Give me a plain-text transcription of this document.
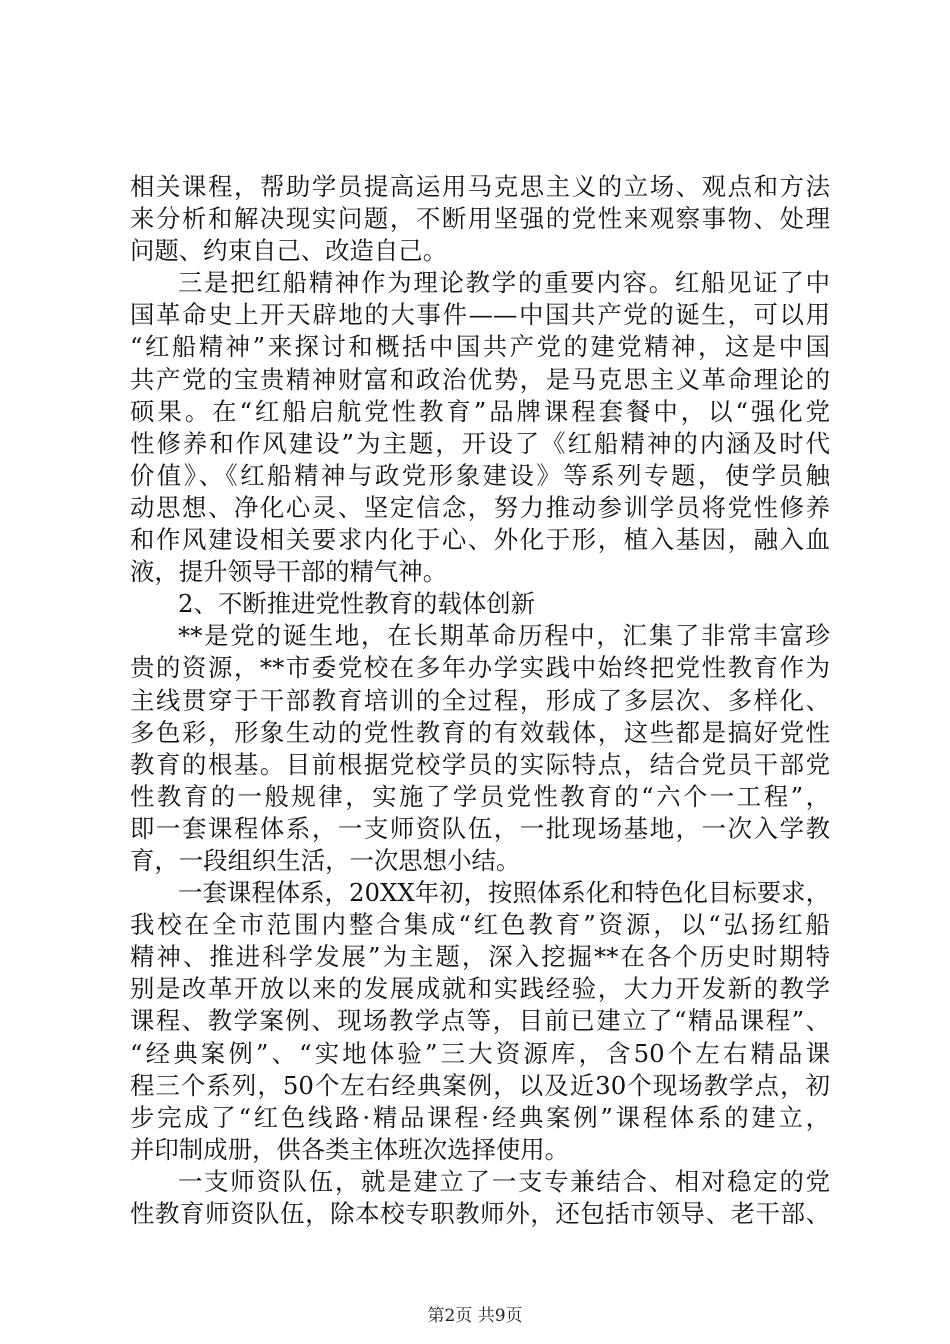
相关课程，帮助学员提高运用马克思主义的立场、观点和方法
来分析和解决现实问题，不断用坚强的党性来观察事物、处理
问题、约束自己、改造自己。
三是把红船精神作为理论教学的重要内容。红船见证了中
国革命史上开天辟地的大事件——中国共产党的诞生，可以用
“红船精神”来探讨和概括中国共产党的建党精神，这是中国
共产党的宝贵精神财富和政治优势，是马克思主义革命理论的
硕果。在“红船启航党性教育”品牌课程套餐中，以“强化党
性修养和作风建设”为主题，开设了《红船精神的内涵及时代
价值》、《红船精神与政党形象建设》等系列专题，使学员触
动思想、净化心灵、坚定信念，努力推动参训学员将党性修养
和作风建设相关要求内化于心、外化于形，植入基因，融入血
液，提升领导干部的精气神。
2、不断推进党性教育的载体创新
**是党的诞生地，在长期革命历程中，汇集了非常丰富珍
贵的资源，**市委党校在多年办学实践中始终把党性教育作为
主线贯穿于干部教育培训的全过程，形成了多层次、多样化、
多色彩，形象生动的党性教育的有效载体，这些都是搞好党性
教育的根基。目前根据党校学员的实际特点，结合党员干部党
性教育的一般规律，实施了学员党性教育的“六个一工程”，
即一套课程体系，一支师资队伍，一批现场基地，一次入学教
育，一段组织生活，一次思想小结。
一套课程体系，20XX年初，按照体系化和特色化目标要求，
我校在全市范围内整合集成“红色教育”资源，以“弘扬红船
精神、推进科学发展”为主题，深入挖掘**在各个历史时期特
别是改革开放以来的发展成就和实践经验，大力开发新的教学
课程、教学案例、现场教学点等，目前已建立了“精品课程”、
“经典案例”、“实地体验”三大资源库，含50个左右精品课
程三个系列，50个左右经典案例，以及近30个现场教学点，初
步完成了“红色线路·精品课程·经典案例”课程体系的建立，
并印制成册，供各类主体班次选择使用。
一支师资队伍，就是建立了一支专兼结合、相对稳定的党
性教育师资队伍，除本校专职教师外，还包括市领导、老干部、
第2页 共9页
